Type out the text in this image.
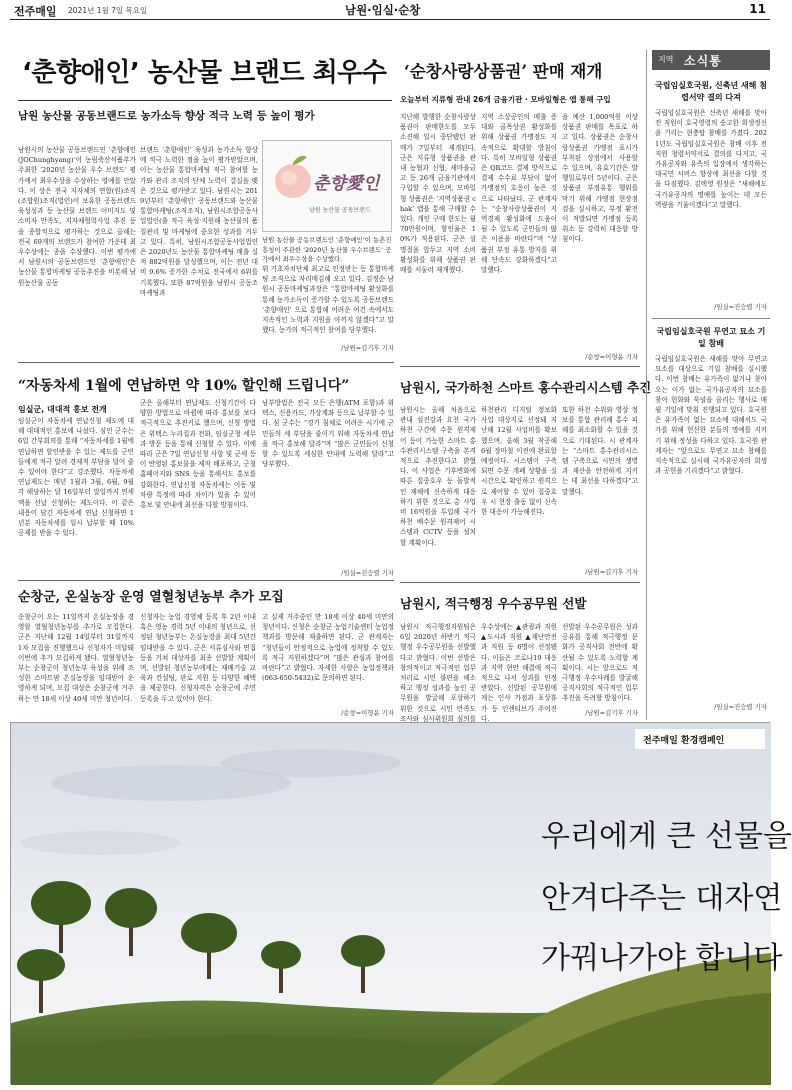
전주매일 2021년 1월 7일 목요일	남원·임실·순창	11
‘춘향애인’ 농산물 브랜드 최우수
남원 농산물 공동브랜드로 농가소득 향상 적극 노력 등 높이 평가
남원시의 농산물 공동브랜드인 ‘춘향애인(JOChunghyang)’이 농림축산식품부가 주최한 ‘2020년 농산물 우수 브랜드’ 평가에서 최우수상을 수상하는 영예를 안았다. 이 상은 전국 지자체의 연합(원)조직(조합원)조직(법인)이 보유한 공동브랜드 육성성과 등 농산물 브랜드 이미지도 및 소비자 만족도, 지자체협력사업 추진 등을 종합적으로 평가하는 것으로 올해는 전국 69개의 브랜드가 참여한 가운데 최우수상에는 종을 수상했다. 이번 평가에서 남원시의 공동브랜드인 ‘춘향애인’은 농산물 통합마케팅 공동추진을 비롯해 남원농산물 공동
브랜드 ‘춘향애인’ 육성과 농가소득 향상에 적극 노력한 점을 높이 평가받았으며, 이는 농산물 통합마케팅 적극 참여할 농가와 관리 조직의 단체 노력이 결실을 맺은 것으로 평가받고 있다. 남원시는 2019년부터 ‘춘향애인’ 공동브랜드와 농산물통합마케팅(조직조직), 남원시조합공동사업법인(출 적극 육성·지원해 농산물의 품질관리 및 마케팅에 중요한 성과를 거두고 있다. 특히, 남원시조합공동사업법인은 2020년도 농산물 통합마케팅 매출 실적 882억원을 달성했으며, 이는 전년 대비 9.6% 증가한 수치로 전국에서 6위를 기록했다. 또한 87억원을 남원시 공동조 마케팅과
춘향愛인
남원 농산물 공동브랜드
남원 농산물 공동브랜드인 ‘춘향애인’이 농촌진흥청이 주관한 ‘2020년 농산물 우수브랜드’ 공가에서 최우수상을 수상했다.
위 기초자치단체 최고로 인정받는 등 통합마케팅 조직으로 자리매김해 오고 있다. 김정순 남원시 공동마케팅과장은 “통합마케팅 활성화를 통해 농가소득이 증가할 수 있도록 공동브랜드 ‘춘향애인’ 으로 통합해 어려운 여건 속에서도 지속적인 노력과 지원을 아끼지 않겠다”고 말했다. 농가의 적극적인 참여를 당부했다.
/남원=김기후 기자
‘순창사랑상품권’ 판매 재개
오늘부터 지류형 관내 26개 금융기관 · 모바일형은 앱 통해 구입
지난해 발행한 순창사랑상품권이 판매한도를 모두 소진해 일시 중단됐던 판매가 7일부터 재개된다. 군은 지류형 상품권을 관내 농협과 신협, 새마을금고 등 26개 금융기관에서 구입할 수 있으며, 모바일형 상품권은 ‘지역상품권 chak’ 앱을 통해 구매할 수 있다. 개인 구매 한도는 월 70만원이며, 할인율은 10%가 적용된다. 군은 설 명절을 앞두고 지역 소비 활성화를 위해 상품권 판매를 서둘러 재개했다.
지역 소상공인의 매출 증대와 골목상권 활성화를 위해 상품권 가맹점도 지속적으로 확대할 방침이다. 특히 모바일형 상품권은 QR코드 결제 방식으로 결제 수수료 부담이 없어 가맹점의 호응이 높은 것으로 나타났다. 군 관계자는 “순창사랑상품권이 지역경제 활성화에 도움이 될 수 있도록 군민들의 많은 이용을 바란다”며 “상품권 부정 유통 방지를 위해 단속도 강화하겠다”고 말했다.
을 예산 1,000억원 이상 상품권 판매를 목표로 하고 있다. 상품권은 순창사랑상품권 가맹점 표시가 부착된 상점에서 사용할 수 있으며, 유효기간은 발행일로부터 5년이다. 군은 상품권 부정유통 행위를 막기 위해 가맹점 현장점검을 실시하고, 부정 환전이 적발되면 가맹점 등록 취소 등 강력히 대응할 방침이다.
/순창=이형윤 기자
“자동차세 1월에 연납하면 약 10% 할인해 드립니다”
임실군, 대대적 홍보 전개
임실군이 자동차세 연납신청 제도에 대해 대대적인 홍보에 나섰다. 심민 군수는 6일 간부회의를 통해 “자동차세를 1월에 연납하면 할인받을 수 있는 제도를 군민들에게 적극 알려 경제적 부담을 덜어 줄 수 있어야 한다”고 강조했다. 자동차세 연납제도는 매년 1월과 3월, 6월, 9월 각 해당하는 달 16일부터 말일까지 연세액을 선납 신청하는 제도이다. 이 같은 내용이 담긴 자동차세 연납 신청하면 1년분 자동차세를 일시 납부할 때 10% 공제를 받을 수 있다.
군은 올해부터 연납제도 신청기간이 다양한 방법으로 바뀜에 따라 홍보를 보다 적극적으로 추진키로 했으며, 신청 방법은 위택스 누리집과 전화, 임실군청 세무과 방문 등을 통해 신청할 수 있다. 이에 따라 군은 7일 연납신청 사항 및 군세 등이 반영된 홍보물을 제작 배포하고, 군청 홈페이지와 SNS 등을 통해서도 홍보를 강화한다. 연납신청 자동차세는 이동 및 차량 특정에 따라 차이가 있을 수 있어 홍보 및 안내에 최선을 다할 방침이다.
남부방법은 전국 모든 은행(ATM 포함)과 위택스, 신용카드, 가상계좌 등으로 납부할 수 있다. 심 군수는 “경기 침체로 어려운 시기에 군민들의 세 부담을 줄이기 위해 자동차세 연납을 적극 홍보해 달라”며 “많은 군민들이 신청할 수 있도록 세심한 안내에 노력해 달라”고 당부했다.
/임실=진승렬 기자
순창군, 온실농장 운영 열혈청년농부 추가 모집
순창군이 오는 11일까지 온실농장을 경영할 열혈청년농부를 추가로 모집한다. 군은 지난해 12월 14일부터 31일까지 1차 모집을 진행했으나 신청자가 미달돼 이번에 추가 모집하게 됐다. 열혈청년농부는 순창군이 청년농부 육성을 위해 조성한 스마트팜 온실농장을 임대받아 운영하게 되며, 모집 대상은 순창군에 거주하는 만 18세 이상 40세 미만 청년이다.
신청자는 농업 경영체 등록 후 2년 이내 혹은 영농 경력 5년 이내의 청년으로, 선정된 청년농부는 온실농장을 최대 5년간 임대받을 수 있다. 군은 서류심사와 면접 등을 거쳐 대상자를 최종 선발할 계획이며, 선발된 청년농부에게는 재배기술 교육과 컨설팅, 판로 지원 등 다양한 혜택을 제공한다. 신청자격은 순창군에 주민등록을 두고 있어야 한다.
고 실제 거주중인 만 18세 이상 40세 미만의 청년이다. 신청은 순창군 농업기술센터 농업정책과를 방문해 제출하면 된다. 군 관계자는 “청년들이 안정적으로 농업에 정착할 수 있도록 적극 지원하겠다”며 “많은 관심과 참여를 바란다”고 밝혔다. 자세한 사항은 농업정책과(063-650-5432)로 문의하면 된다.
/순창=이형윤 기자
남원시, 국가하천 스마트 홍수관리시스템 추진
남원시는 올해 처음으로 관내 섬진강과 요천 국가하천 구간에 수문 원격제어 등이 가능한 스마트 홍수관리시스템 구축을 본격적으로 추진한다고 밝혔다. 이 사업은 기후변화에 따른 집중호우 등 돌발적인 재해에 신속하게 대응하기 위한 것으로 총 사업비 16억원을 투입해 국가하천 배수문 원격제어 시스템과 CCTV 등을 설치할 계획이다.
하천관리 디지털 정보화 사업 대상지로 선정돼 지난해 12월 사업비를 확보했으며, 올해 3월 착공해 6월 장마철 이전에 완료할 예정이다. 시스템이 구축되면 수문 개폐 상황을 실시간으로 확인하고 원격으로 제어할 수 있어 집중호우 시 현장 출동 없이 신속한 대응이 가능해진다.
또한 하천 수위와 영상 정보를 통합 관리해 홍수 피해를 최소화할 수 있을 것으로 기대된다. 시 관계자는 “스마트 홍수관리시스템 구축으로 시민의 생명과 재산을 안전하게 지키는 데 최선을 다하겠다”고 말했다.
/남원=김기후 기자
남원시, 적극행정 우수공무원 선발
남원시 적극행정지원팀은 6일 2020년 하반기 적극행정 우수공무원을 선발했다고 밝혔다. 이번 선발은 창의적이고 적극적인 업무 처리로 시민 불편을 해소하고 행정 성과를 높인 공무원을 발굴해 포상하기 위한 것으로 시민 만족도 조사와 심사위원회 심의를
우수상에는 ▲관광과 직원 ▲도시과 직원 ▲재난안전과 직원 등 6명이 선정됐다. 이들은 코로나19 대응과 지역 현안 해결에 적극적으로 나서 성과를 인정받았다. 선발된 공무원에게는 인사 가점과 포상휴가 등 인센티브가 주어진다.
선발된 우수공무원은 성과 공유를 통해 적극행정 문화가 공직사회 전반에 확산될 수 있도록 노력할 계획이다. 시는 앞으로도 적극행정 우수사례를 발굴해 공직사회의 적극적인 업무 추진을 독려할 방침이다.
/남원=김기후 기자
지역 소식통
국립임실호국원, 신축년 새해 첨렵서약 결의 다져
국립임실호국원은 신축년 새해를 맞아 전 직원이 호국영령의 숭고한 희생정신을 기리는 현충탑 참배를 가졌다. 2021년도 국립임실호국원은 참배 이후 전 직원 청렴서약서로 결의를 다지고, 국가유공자와 유족의 입장에서 생각하는 대국민 서비스 향상에 최선을 다할 것을 다짐했다. 김택영 원장은 “새해에도 국가유공자의 명예를 높이는 데 모든 역량을 기울이겠다”고 말했다.
/임실=진승렬 기자
국립임실호국원 무연고 묘소 기일 참배
국립임실호국원은 새해를 맞아 무연고 묘소를 대상으로 기일 참배를 실시했다. 이번 참배는 유가족이 없거나 찾아오는 이가 없는 국가유공자의 묘소를 찾아 헌화와 묵념을 올리는 행사로 매월 기일에 맞춰 진행되고 있다. 호국원은 유가족이 없는 묘소에 대해서도 국가를 위해 헌신한 분들의 명예를 지키기 위해 정성을 다하고 있다. 호국원 관계자는 “앞으로도 무연고 묘소 참배를 지속적으로 실시해 국가유공자의 희생과 공헌을 기리겠다”고 밝혔다.
/임실=진승렬 기자
전주매일 환경캠페인
우리에게 큰 선물을
안겨다주는 대자연
가꿔나가야 합니다
